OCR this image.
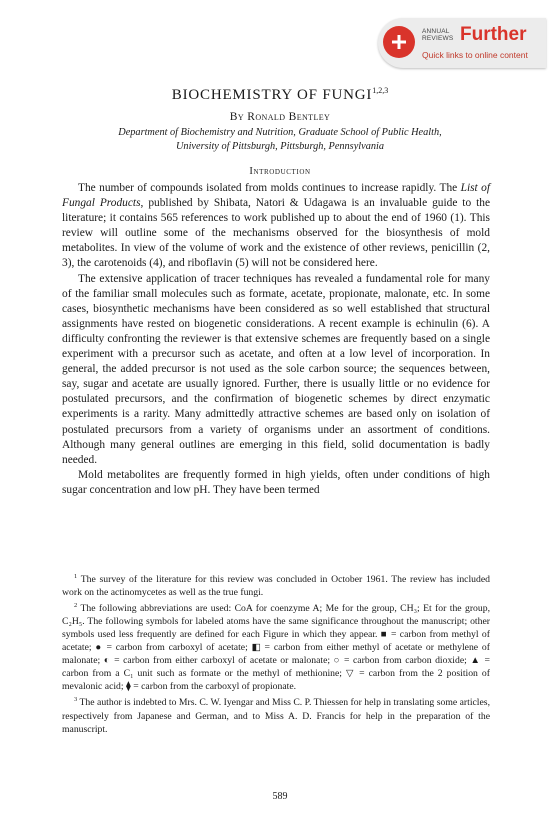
ANNUAL REVIEWS Further
Quick links to online content
BIOCHEMISTRY OF FUNGI$^{1,2,3}$
By Ronald Bentley
Department of Biochemistry and Nutrition, Graduate School of Public Health,
University of Pittsburgh, Pittsburgh, Pennsylvania
Introduction

The number of compounds isolated from molds continues to increase rapidly. The List of Fungal Products, published by Shibata, Natori & Udagawa is an invaluable guide to the literature; it contains 565 references to work published up to about the end of 1960 (1). This review will outline some of the mechanisms observed for the biosynthesis of mold metabolites. In view of the volume of work and the existence of other reviews, penicillin (2, 3), the carotenoids (4), and riboflavin (5) will not be considered here.

The extensive application of tracer techniques has revealed a fundamental role for many of the familiar small molecules such as formate, acetate, propionate, malonate, etc. In some cases, biosynthetic mechanisms have been considered as so well established that structural assignments have rested on biogenetic considerations. A recent example is echinulin (6). A difficulty confronting the reviewer is that extensive schemes are frequently based on a single experiment with a precursor such as acetate, and often at a low level of incorporation. In general, the added precursor is not used as the sole carbon source; the sequences between, say, sugar and acetate are usually ignored. Further, there is usually little or no evidence for postulated precursors, and the confirmation of biogenetic schemes by direct enzymatic experiments is a rarity. Many admittedly attractive schemes are based only on isolation of postulated precursors from a variety of organisms under an assortment of conditions. Although many general outlines are emerging in this field, solid documentation is badly needed.

Mold metabolites are frequently formed in high yields, often under conditions of high sugar concentration and low pH. They have been termed

$^1$ The survey of the literature for this review was concluded in October 1961. The review has included work on the actinomycetes as well as the true fungi.

$^2$ The following abbreviations are used: CoA for coenzyme A; Me for the group, CH₃; Et for the group, C₂H₅. The following symbols for labeled atoms have the same significance throughout the manuscript; other symbols used less frequently are defined for each Figure in which they appear. ■ = carbon from methyl of acetate; ● = carbon from carboxyl of acetate; ◧ = carbon from either methyl of acetate or methylene of malonate; ◐ = carbon from either carboxyl of acetate or malonate; ○ = carbon from carbon dioxide; ▲ = carbon from a C₁ unit such as formate or the methyl of methionine; ▽ = carbon from the 2 position of mevalonic acid; ⧫ = carbon from the carboxyl of propionate.

$^3$ The author is indebted to Mrs. C. W. Iyengar and Miss C. P. Thiessen for help in translating some articles, respectively from Japanese and German, and to Miss A. D. Francis for help in the preparation of the manuscript.

589
